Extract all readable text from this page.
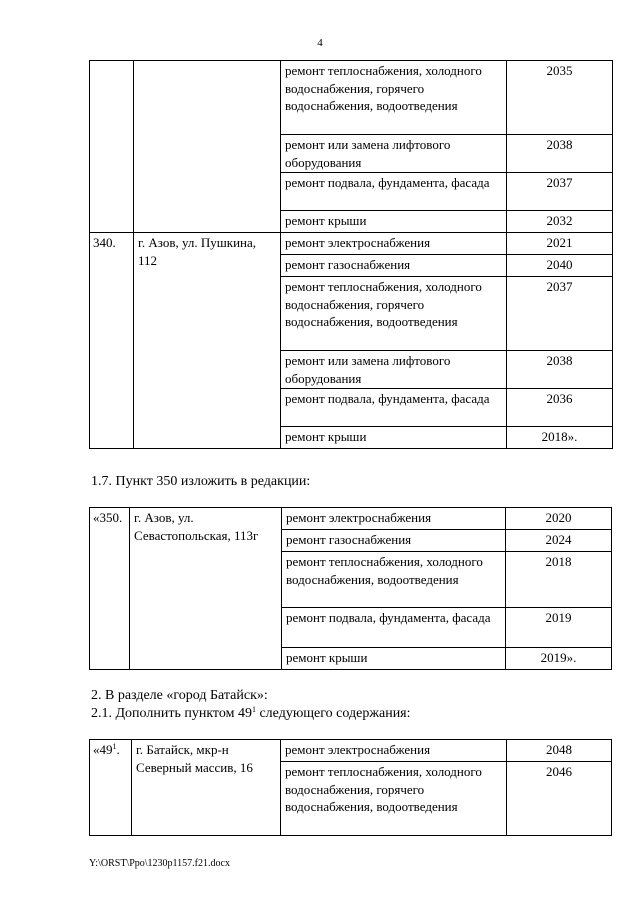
4
		ремонт теплоснабжения, холодного водоснабжения, горячего водоснабжения, водоотведения	2035
		ремонт или замена лифтового оборудования	2038
		ремонт подвала, фундамента, фасада	2037
		ремонт крыши	2032
340.	г. Азов, ул. Пушкина, 112	ремонт электроснабжения	2021
		ремонт газоснабжения	2040
		ремонт теплоснабжения, холодного водоснабжения, горячего водоснабжения, водоотведения	2037
		ремонт или замена лифтового оборудования	2038
		ремонт подвала, фундамента, фасада	2036
		ремонт крыши	2018».
1.7. Пункт 350 изложить в редакции:
«350.	г. Азов, ул. Севастопольская, 113г	ремонт электроснабжения	2020
		ремонт газоснабжения	2024
		ремонт теплоснабжения, холодного водоснабжения, водоотведения	2018
		ремонт подвала, фундамента, фасада	2019
		ремонт крыши	2019».
2. В разделе «город Батайск»:
2.1. Дополнить пунктом $49^1$ следующего содержания:
«$49^1$.	г. Батайск, мкр-н Северный массив, 16	ремонт электроснабжения	2048
		ремонт теплоснабжения, холодного водоснабжения, горячего водоснабжения, водоотведения	2046
Y:\ORST\Ppo\1230p1157.f21.docx
